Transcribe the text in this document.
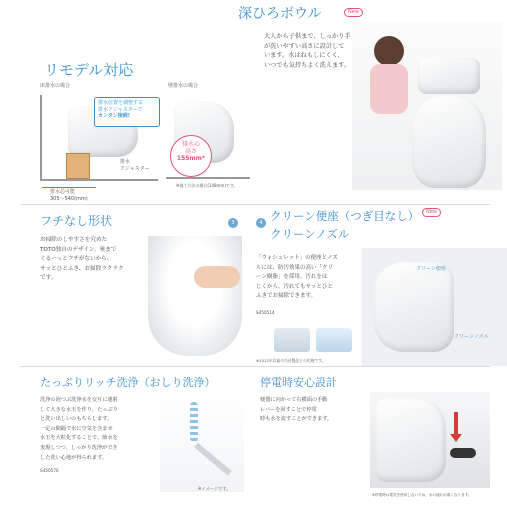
深ひろボウル	New
大人から子供まで、しっかり手
が洗いやすい高さに設計して
います。水はねもしにくく、
いつでも気持ちよく洗えます。
リモデル対応
床排水の場合	壁排水の場合
排水位置を調整する
排水アジャスターで
カンタン接続!
排水
アジャスター
排水芯可能
305〜540(mm)
排水心
高さ
155mm*
※施工方法の場合(148mm)です。
フチなし形状	3
お掃除のしやすさを究めた
TOTO独自のデザイン。奥まで
ぐるーっとフチがないから、
サッとひとふき、お掃除ラクラク
です。
4 クリーン便座（つぎ目なし）	New
クリーンノズル
「ウォシュレット」の便座とノズ
ルには、防汚効果の高い「クリ
ーン樹脂」を採用。汚れをは
じくから、汚れてもサッとひと
ふきでお掃除できます。
S450514
※2012年以前の当社製品との比較です。
クリーン便座
クリーンノズル
たっぷりリッチ洗浄（おしり洗浄）
洗浄の泡つぶ洗浄水を交互に連射
して大きな水玉を作り、たっぷり
と洗い出しいのもちらします。
一定の間隔で水に空気を含ませ
水玉を大粒化することで、節水を
実現しつつ、しっかり洗浄ができ
した洗い心地が得られます。
S450576
※イメージです。
停電時安心設計
便器に向かって右横面の手動
レバーを回すことで停電
時も水を流すことができます。
※停電時は電気を使用しないため、水の流れが弱くなります。
